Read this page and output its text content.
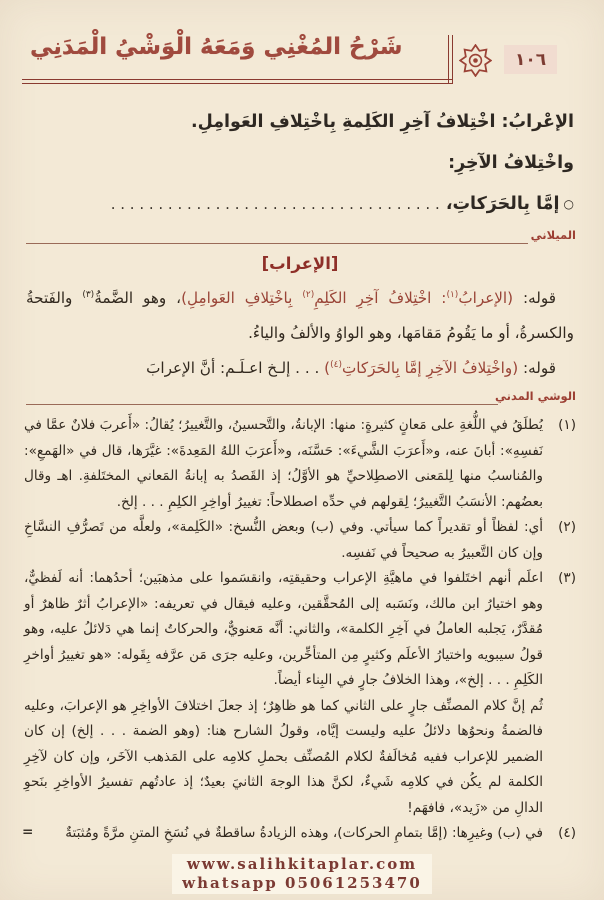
شَرْحُ المُغْنِي وَمَعَهُ الْوَشْيُ الْمَدَنِي	١٠٦

الإعْرابُ: اخْتِلافُ آخِرِ الكَلِمةِ بِاخْتِلافِ العَوامِلِ.

واخْتِلافُ الآخِرِ:

○إمَّا بِالحَرَكاتِ، . . . . . . . . . . . . . . . . . . . . . . . . . . . . . . . . . . .

الميلاني
[الإعراب]

قوله: (الإعرابُ$^{(١)}$: اخْتِلافُ آخِرِ الكَلِمِ$^{(٢)}$ بِاخْتِلافِ العَوامِلِ)، وهو الضَّمةُ$^{(٣)}$ والفَتحةُ والكسرةُ، أو ما يَقُومُ مَقامَها، وهو الواوُ والألفُ والياءُ.

قوله: (واخْتِلافُ الآخِرِ إمَّا بِالحَرَكاتِ$^{(٤)}$) . . . إلـخ اعـلَـم: أنَّ الإعرابَ

الوشي المدني
(١)

يُطلَقُ في اللُّغةِ على مَعانٍ كثيرةٍ: منها: الإبانةُ، والتَّحسينُ، والتَّغييرُ؛ يُقالُ: «أَعربَ فلانٌ عمَّا في نَفسِهِ»: أبانَ عنه، و«أَعرَبَ الشَّيءَ»: حَسَّنَه، و«أَعرَبَ اللهُ المَعِدةَ»: غيَّرَها، قال في «الهَمعِ»: والمُناسبُ منها لِلمَعنى الاصطِلاحيِّ هو الأوَّلُ؛ إذ القَصدُ به إبانةُ المَعاني المختَلفةِ. اهـ وقال بعضُهم: الأنسَبُ التَّغييرُ؛ لِقولهم في حدِّه اصطلاحاً: تغييرُ أواخِرِ الكلِمِ . . . إلخ.

(٢)

أي: لفظاً أو تقديراً كما سيأتي. وفي (ب) وبعض النُّسخ: «الكَلِمة»، ولعلَّه من تَصرُّفِ النسَّاخِ وإن كان التَّعبيرُ به صحيحاً في نَفسِه.

(٣)

اعلَم أنهم اختَلفوا في ماهيَّةِ الإعراب وحقيقتِه، وانقسَموا على مذهبَين؛ أحدُهما: أنه لَفظيٌّ، وهو اختيارُ ابن مالك، ونَسَبه إلى المُحقَّقين، وعليه فيقال في تعريفه: «الإعرابُ أثرٌ ظاهرٌ أو مُقدَّرٌ، يَجلبه العاملُ في آخِرِ الكلمة»، والثاني: أنَّه مَعنويٌّ، والحركاتُ إنما هي دَلائلُ عليه، وهو قولُ سيبويه واختيارُ الأعلَم وكثيرٍ مِن المتأخِّرين، وعليه جرَى مَن عرَّفه بِقَوله: «هو تغييرُ أواخرِ الكَلِمِ . . . إلخ»، وهذا الخلافُ جارٍ في البِناء أيضاً.

ثُم إنَّ كلام المصنِّف جارٍ على الثاني كما هو ظاهِرٌ؛ إذ جعلَ اختلافَ الأواخِرِ هو الإعرابَ، وعليه فالضمةُ ونحوُها دلائلُ عليه وليست إيَّاه، وقولُ الشارح هنا: (وهو الضمة . . . إلخ) إن كان الضمير للإعراب ففيه مُخالَفةٌ لكلام المُصنِّف بحملِ كلامِه على المَذهب الآخَر، وإن كان لآخِرِ الكلمة لم يكُن في كلامِه شَيءٌ، لكنَّ هذا الوجهَ الثانيَ بعيدٌ؛ إذ عادتُهم تفسيرُ الأواخِرِ بنَحوِ الدالِ من «زَيد»، فافهَم!

(٤)

في (ب) وغيرِها: (إمَّا بتمامِ الحركات)، وهذه الزيادةُ ساقطةٌ في نُسَخِ المتنِ مرَّةً ومُثبَتةٌ

=
www.salihkitaplar.com
whatsapp 05061253470
